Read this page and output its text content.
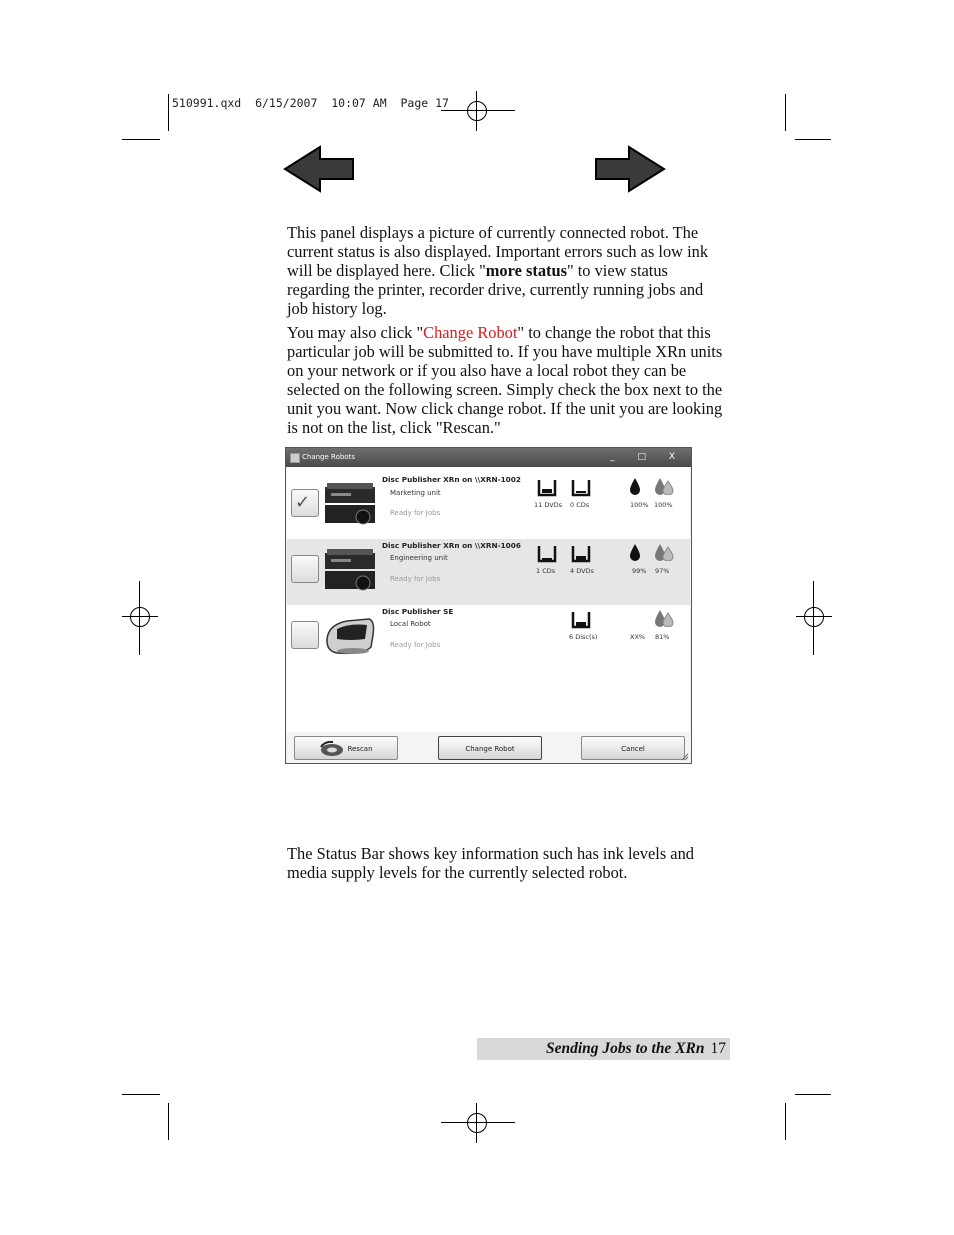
510991.qxd  6/15/2007  10:07 AM  Page 17
This panel displays a picture of currently connected robot. The current status is also displayed. Important errors such as low ink will be displayed here. Click "more status" to view status regarding the printer, recorder drive, currently running jobs and job history log.
You may also click "Change Robot" to change the robot that this particular job will be submitted to. If you have multiple XRn units on your network or if you also have a local robot they can be selected on the following screen. Simply check the box next to the unit you want. Now click change robot. If the unit you are looking is not on the list, click "Rescan."
Change Robots	_ □ X
✓
Disc Publisher XRn on \\XRN-1002
Marketing unit
Ready for Jobs
11 DVDs 0 CDs	100% 100%
Disc Publisher XRn on \\XRN-1006
Engineering unit
Ready for Jobs
1 CDs 4 DVDs	99% 97%
Disc Publisher SE
Local Robot
Ready for Jobs
6 Disc(s)	XX% 81%
Rescan	Change Robot	Cancel
The Status Bar shows key information such has ink levels and media supply levels for the currently selected robot.
Sending Jobs to the XRn 17
